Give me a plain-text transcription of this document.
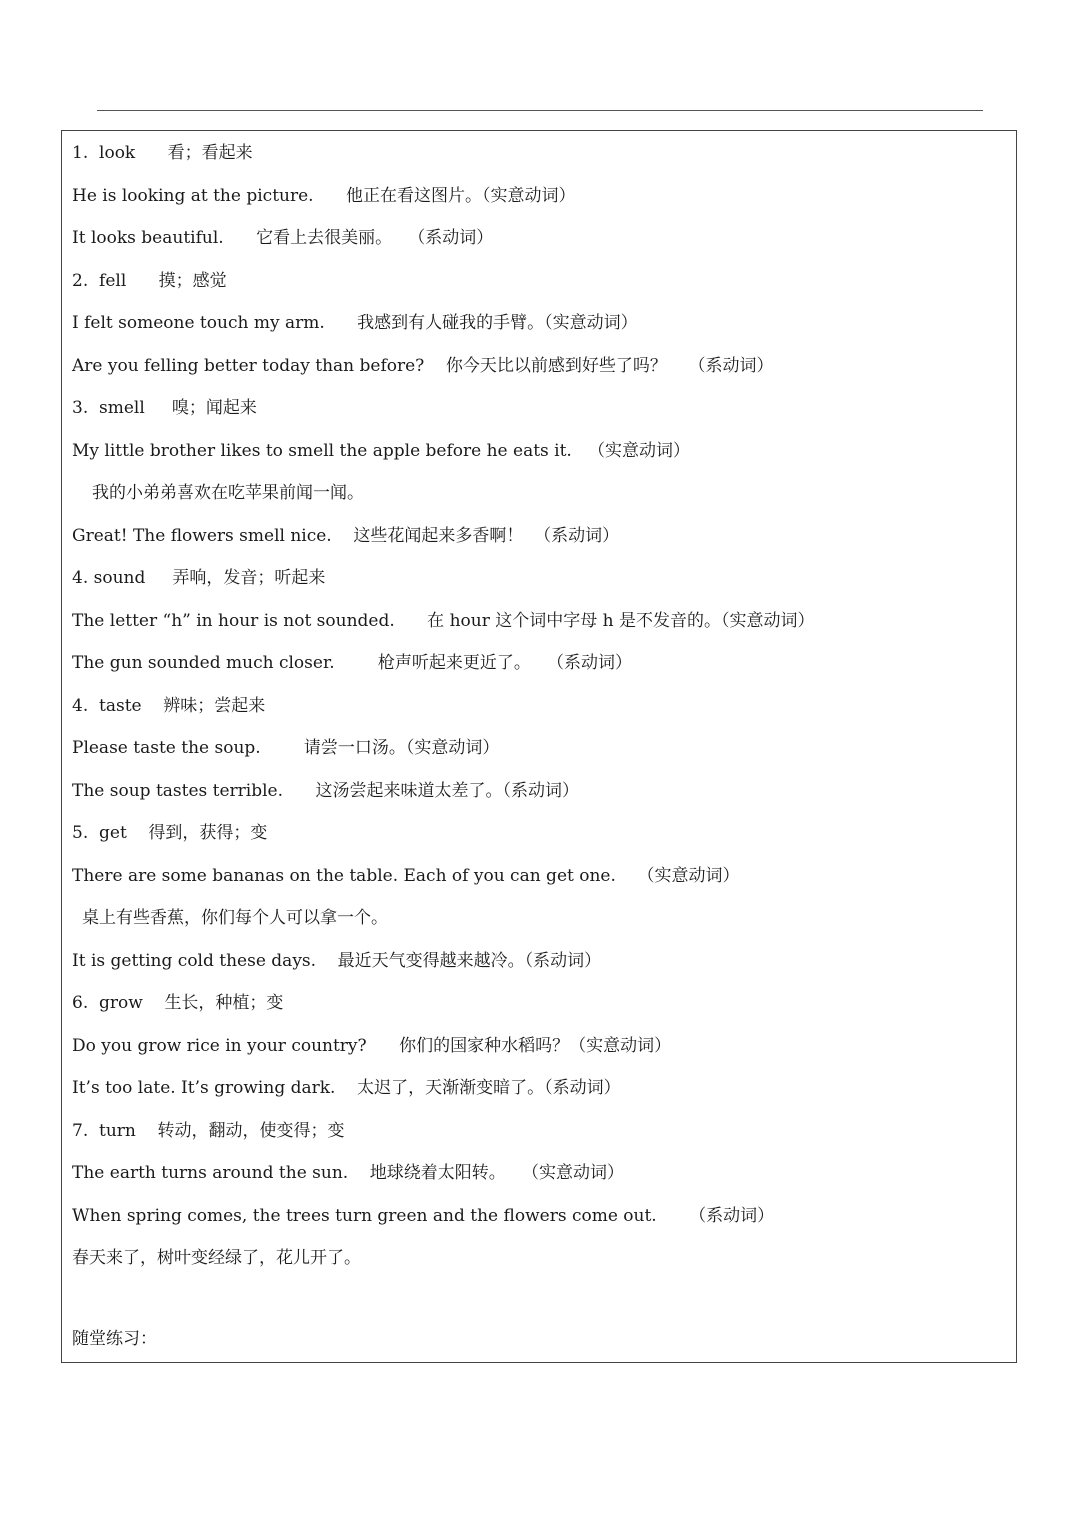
1.  look      看；看起来
He is looking at the picture.      他正在看这图片。（实意动词）
It looks beautiful.      它看上去很美丽。   （系动词）
2.  fell      摸；感觉
I felt someone touch my arm.      我感到有人碰我的手臂。（实意动词）
Are you felling better today than before?    你今天比以前感到好些了吗？    （系动词）
3.  smell     嗅；闻起来
My little brother likes to smell the apple before he eats it.   （实意动词）
我的小弟弟喜欢在吃苹果前闻一闻。
Great! The flowers smell nice.    这些花闻起来多香啊！  （系动词）
4. sound     弄响，发音；听起来
The letter “h” in hour is not sounded.      在 hour 这个词中字母 h 是不发音的。（实意动词）
The gun sounded much closer.        枪声听起来更近了。   （系动词）
4.  taste    辨味；尝起来
Please taste the soup.        请尝一口汤。（实意动词）
The soup tastes terrible.      这汤尝起来味道太差了。（系动词）
5.  get    得到，获得；变
There are some bananas on the table. Each of you can get one.    （实意动词）
桌上有些香蕉，你们每个人可以拿一个。
It is getting cold these days.    最近天气变得越来越冷。（系动词）
6.  grow    生长，种植；变
Do you grow rice in your country?      你们的国家种水稻吗？（实意动词）
It’s too late. It’s growing dark.    太迟了，天渐渐变暗了。（系动词）
7.  turn    转动，翻动，使变得；变
The earth turns around the sun.    地球绕着太阳转。   （实意动词）
When spring comes, the trees turn green and the flowers come out.      （系动词）
春天来了，树叶变经绿了，花儿开了。
随堂练习：
